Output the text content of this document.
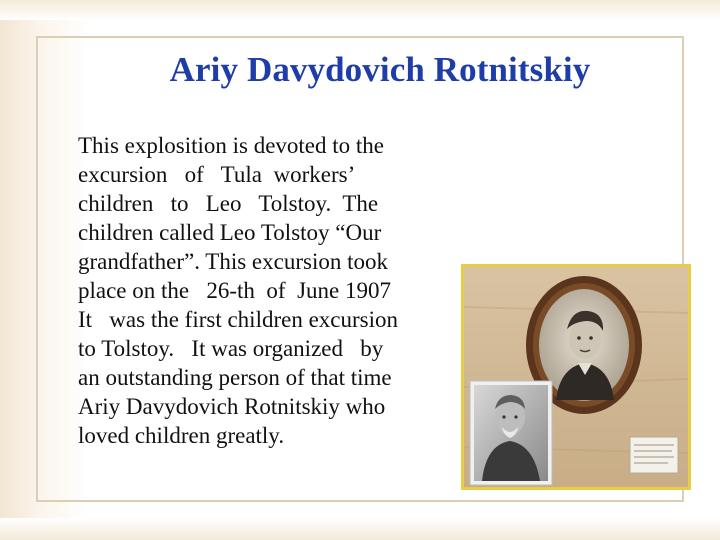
Ariy Davydovich Rotnitskiy
This explosition is devoted to the
excursion   of   Tula  workers’
children   to   Leo   Tolstoy.  The
children called Leo Tolstoy “Our
grandfather”. This excursion took
place on the   26-th  of  June 1907
It   was the first children excursion
to Tolstoy.   It was organized   by
an outstanding person of that time
Ariy Davydovich Rotnitskiy who
loved children greatly.
